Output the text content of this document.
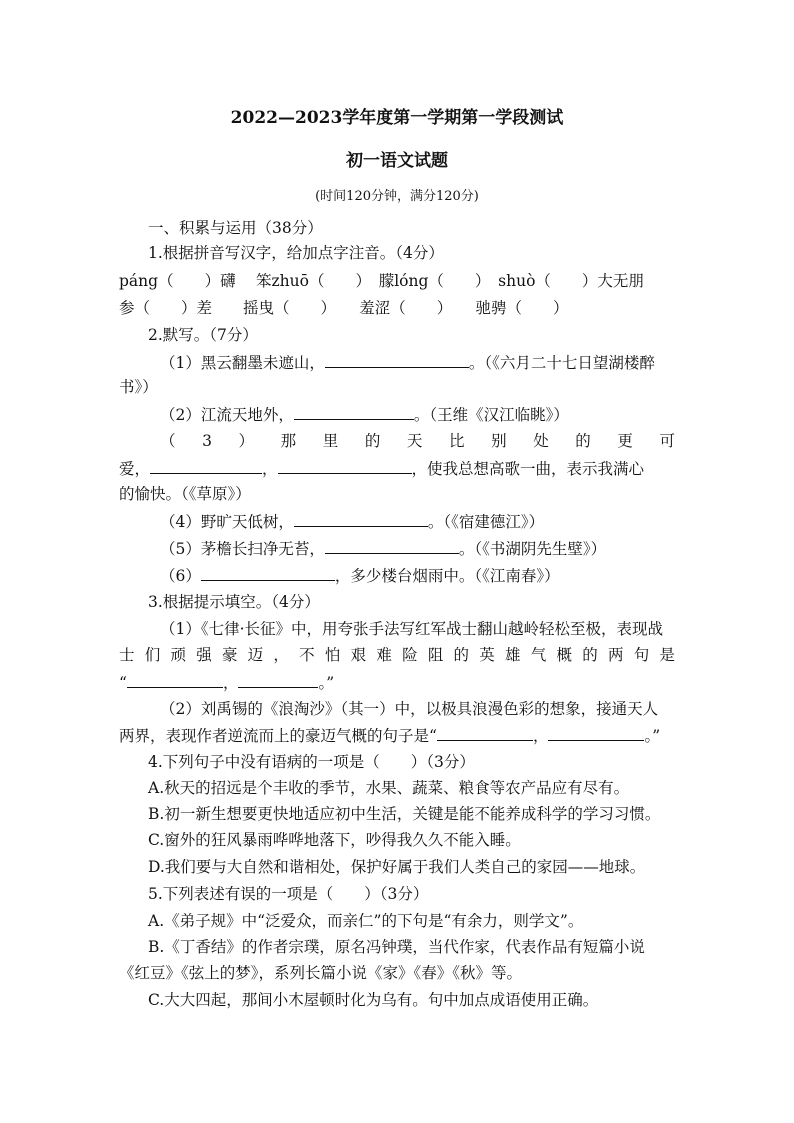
2022—2023学年度第一学期第一学段测试
初一语文试题
(时间120分钟，满分120分)
一、积累与运用（38分）
1.根据拼音写汉字，给加点字注音。（4分）
páng（　　）礴　 笨zhuō（　　）　朦lóng（　　）　shuò（　　）大无朋
参（　　）差　　摇曳（　　）　　羞涩（　　）　　驰骋（　　）
2.默写。（7分）
（1）黑云翻墨未遮山，	。（《六月二十七日望湖楼醉
书》）
（2）江流天地外，	。（王维《汉江临眺》）
（ 3 ） 那 里 的 天 比 别 处 的 更 可
爱，	，	，使我总想高歌一曲，表示我满心
的愉快。（《草原》）
（4）野旷天低树，	。（《宿建德江》）
（5）茅檐长扫净无苔，	。（《书湖阴先生壁》）
（6）	，多少楼台烟雨中。（《江南春》）
3.根据提示填空。（4分）
（1）《七律·长征》中，用夸张手法写红军战士翻山越岭轻松至极，表现战
士 们 顽 强 豪 迈 ， 不 怕 艰 难 险 阻 的 英 雄 气 概 的 两 句 是
“	，	。”
（2）刘禹锡的《浪淘沙》（其一）中，以极具浪漫色彩的想象，接通天人
两界，表现作者逆流而上的豪迈气概的句子是“	，	。”
4.下列句子中没有语病的一项是（　　）（3分）
A.秋天的招远是个丰收的季节，水果、蔬菜、粮食等农产品应有尽有。
B.初一新生想要更快地适应初中生活，关键是能不能养成科学的学习习惯。
C.窗外的狂风暴雨哗哗地落下，吵得我久久不能入睡。
D.我们要与大自然和谐相处，保护好属于我们人类自己的家园——地球。
5.下列表述有误的一项是（　　）（3分）
A.《弟子规》中“泛爱众，而亲仁”的下句是“有余力，则学文”。
B.《丁香结》的作者宗璞，原名冯钟璞，当代作家，代表作品有短篇小说
《红豆》《弦上的梦》，系列长篇小说《家》《春》《秋》等。
C.大大四起，那间小木屋顿时化为乌有。句中加点成语使用正确。
